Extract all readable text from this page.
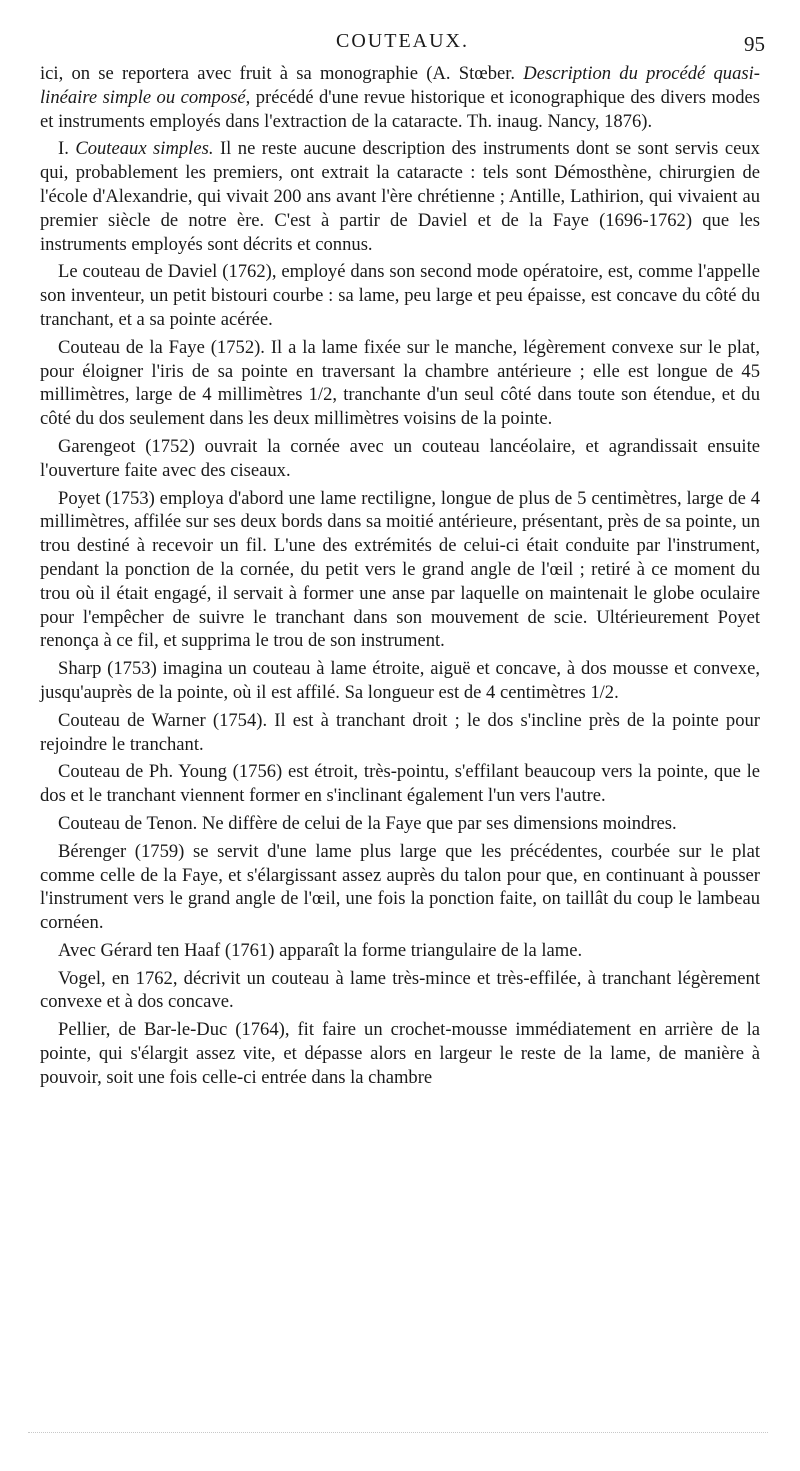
COUTEAUX.	95

ici, on se reportera avec fruit à sa monographie (A. Stœber. Description du procédé quasi-linéaire simple ou composé, précédé d'une revue historique et iconographique des divers modes et instruments employés dans l'extraction de la cataracte. Th. inaug. Nancy, 1876).

I. Couteaux simples. Il ne reste aucune description des instruments dont se sont servis ceux qui, probablement les premiers, ont extrait la cataracte : tels sont Démosthène, chirurgien de l'école d'Alexandrie, qui vivait 200 ans avant l'ère chrétienne ; Antille, Lathirion, qui vivaient au premier siècle de notre ère. C'est à partir de Daviel et de la Faye (1696-1762) que les instruments employés sont décrits et connus.

Le couteau de Daviel (1762), employé dans son second mode opératoire, est, comme l'appelle son inventeur, un petit bistouri courbe : sa lame, peu large et peu épaisse, est concave du côté du tranchant, et a sa pointe acérée.

Couteau de la Faye (1752). Il a la lame fixée sur le manche, légèrement convexe sur le plat, pour éloigner l'iris de sa pointe en traversant la chambre antérieure ; elle est longue de 45 millimètres, large de 4 millimètres 1/2, tranchante d'un seul côté dans toute son étendue, et du côté du dos seulement dans les deux millimètres voisins de la pointe.

Garengeot (1752) ouvrait la cornée avec un couteau lancéolaire, et agrandissait ensuite l'ouverture faite avec des ciseaux.

Poyet (1753) employa d'abord une lame rectiligne, longue de plus de 5 centimètres, large de 4 millimètres, affilée sur ses deux bords dans sa moitié antérieure, présentant, près de sa pointe, un trou destiné à recevoir un fil. L'une des extrémités de celui-ci était conduite par l'instrument, pendant la ponction de la cornée, du petit vers le grand angle de l'œil ; retiré à ce moment du trou où il était engagé, il servait à former une anse par laquelle on maintenait le globe oculaire pour l'empêcher de suivre le tranchant dans son mouvement de scie. Ultérieurement Poyet renonça à ce fil, et supprima le trou de son instrument.

Sharp (1753) imagina un couteau à lame étroite, aiguë et concave, à dos mousse et convexe, jusqu'auprès de la pointe, où il est affilé. Sa longueur est de 4 centimètres 1/2.

Couteau de Warner (1754). Il est à tranchant droit ; le dos s'incline près de la pointe pour rejoindre le tranchant.

Couteau de Ph. Young (1756) est étroit, très-pointu, s'effilant beaucoup vers la pointe, que le dos et le tranchant viennent former en s'inclinant également l'un vers l'autre.

Couteau de Tenon. Ne diffère de celui de la Faye que par ses dimensions moindres.

Bérenger (1759) se servit d'une lame plus large que les précédentes, courbée sur le plat comme celle de la Faye, et s'élargissant assez auprès du talon pour que, en continuant à pousser l'instrument vers le grand angle de l'œil, une fois la ponction faite, on taillât du coup le lambeau cornéen.

Avec Gérard ten Haaf (1761) apparaît la forme triangulaire de la lame.

Vogel, en 1762, décrivit un couteau à lame très-mince et très-effilée, à tranchant légèrement convexe et à dos concave.

Pellier, de Bar-le-Duc (1764), fit faire un crochet-mousse immédiatement en arrière de la pointe, qui s'élargit assez vite, et dépasse alors en largeur le reste de la lame, de manière à pouvoir, soit une fois celle-ci entrée dans la chambre
